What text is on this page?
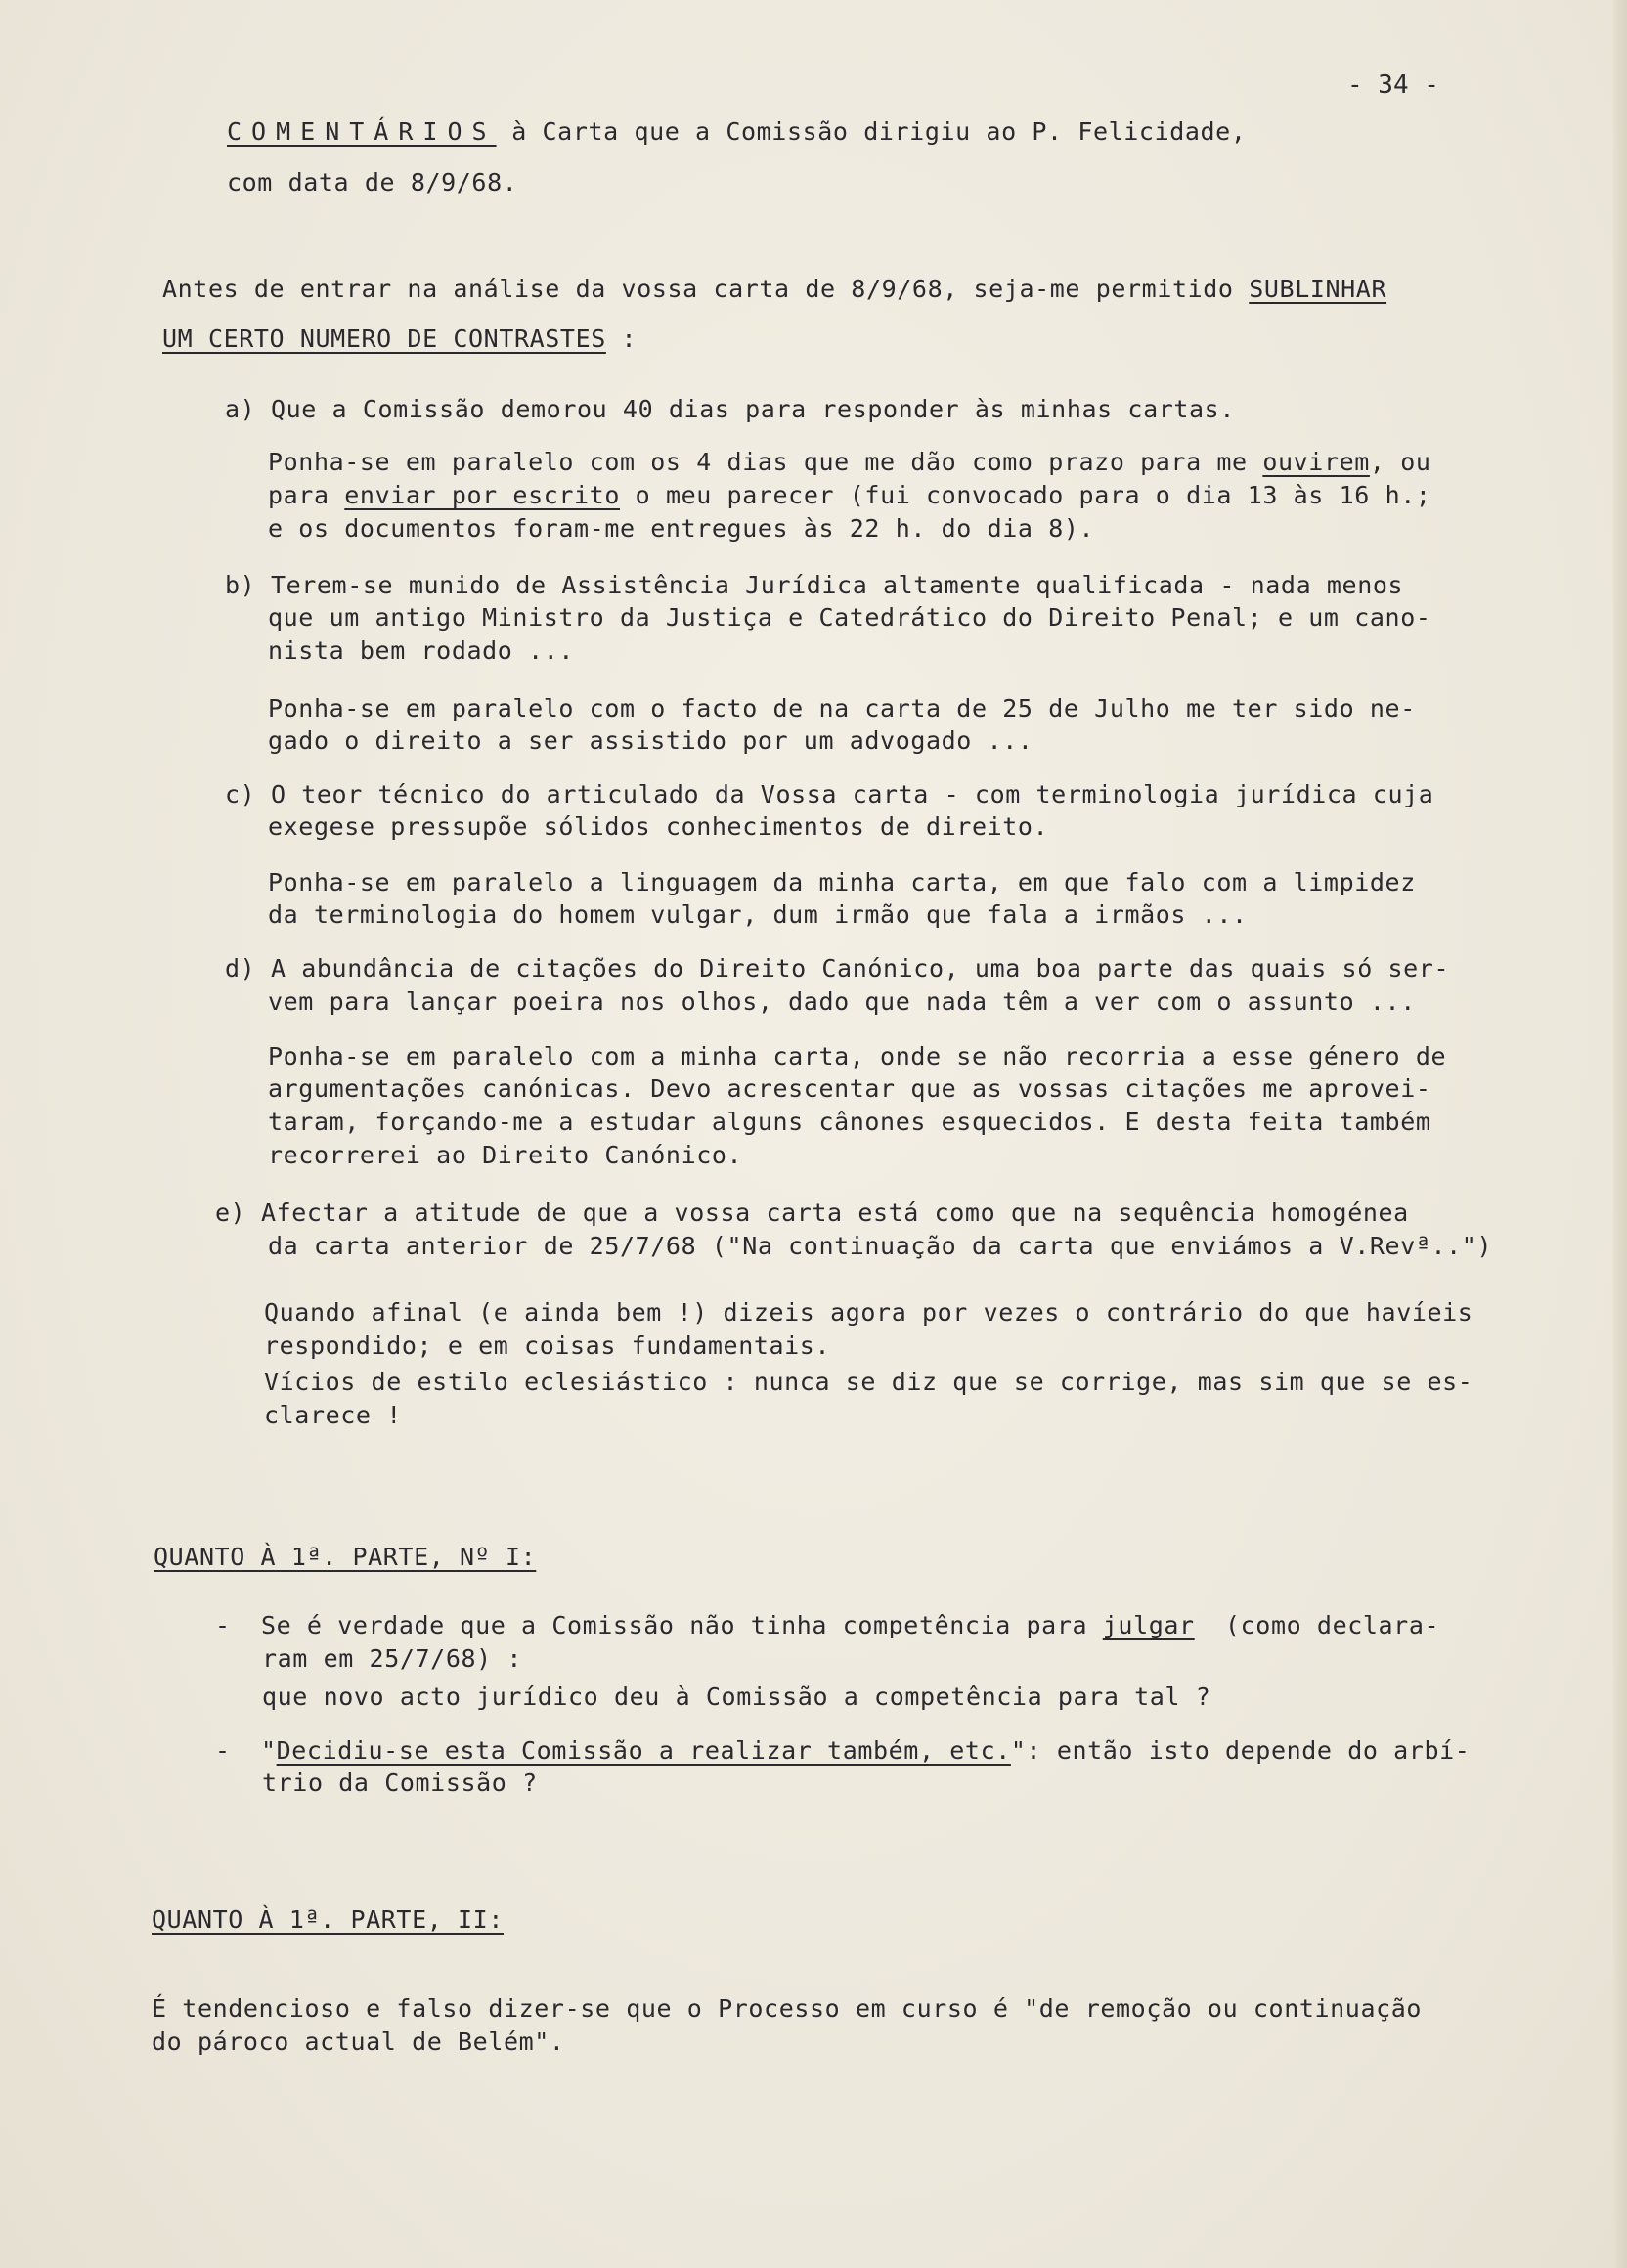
- 34 -
COMENTÁRIOS à Carta que a Comissão dirigiu ao P. Felicidade,
com data de 8/9/68.
Antes de entrar na análise da vossa carta de 8/9/68, seja-me permitido SUBLINHAR
UM CERTO NUMERO DE CONTRASTES :
a) Que a Comissão demorou 40 dias para responder às minhas cartas.
Ponha-se em paralelo com os 4 dias que me dão como prazo para me ouvirem, ou
para enviar por escrito o meu parecer (fui convocado para o dia 13 às 16 h.;
e os documentos foram-me entregues às 22 h. do dia 8).
b) Terem-se munido de Assistência Jurídica altamente qualificada - nada menos
que um antigo Ministro da Justiça e Catedrático do Direito Penal; e um cano-
nista bem rodado ...
Ponha-se em paralelo com o facto de na carta de 25 de Julho me ter sido ne-
gado o direito a ser assistido por um advogado ...
c) O teor técnico do articulado da Vossa carta - com terminologia jurídica cuja
exegese pressupõe sólidos conhecimentos de direito.
Ponha-se em paralelo a linguagem da minha carta, em que falo com a limpidez
da terminologia do homem vulgar, dum irmão que fala a irmãos ...
d) A abundância de citações do Direito Canónico, uma boa parte das quais só ser-
vem para lançar poeira nos olhos, dado que nada têm a ver com o assunto ...
Ponha-se em paralelo com a minha carta, onde se não recorria a esse género de
argumentações canónicas. Devo acrescentar que as vossas citações me aprovei-
taram, forçando-me a estudar alguns cânones esquecidos. E desta feita também
recorrerei ao Direito Canónico.
e) Afectar a atitude de que a vossa carta está como que na sequência homogénea
da carta anterior de 25/7/68 ("Na continuação da carta que enviámos a V.Revª..")
Quando afinal (e ainda bem !) dizeis agora por vezes o contrário do que havíeis
respondido; e em coisas fundamentais.
Vícios de estilo eclesiástico : nunca se diz que se corrige, mas sim que se es-
clarece !
QUANTO À 1ª. PARTE, Nº I:
-  Se é verdade que a Comissão não tinha competência para julgar  (como declara-
ram em 25/7/68) :
que novo acto jurídico deu à Comissão a competência para tal ?
-  "Decidiu-se esta Comissão a realizar também, etc.": então isto depende do arbí-
trio da Comissão ?
QUANTO À 1ª. PARTE, II:
É tendencioso e falso dizer-se que o Processo em curso é "de remoção ou continuação
do pároco actual de Belém".
